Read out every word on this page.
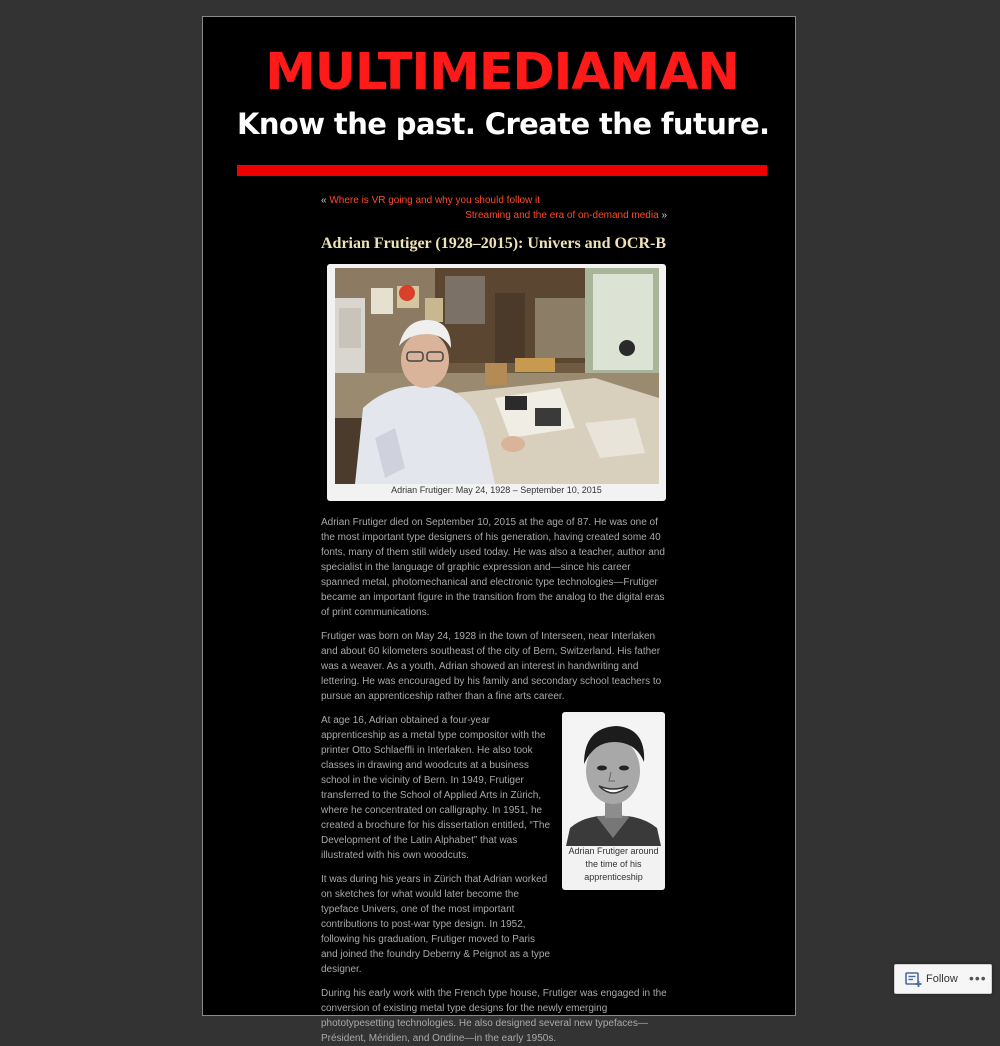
MULTIMEDIAMAN
Know the past. Create the future.
« Where is VR going and why you should follow it
Streaming and the era of on-demand media »
Adrian Frutiger (1928–2015): Univers and OCR-B
Adrian Frutiger: May 24, 1928 – September 10, 2015

Adrian Frutiger died on September 10, 2015 at the age of 87. He was one of the most important type designers of his generation, having created some 40 fonts, many of them still widely used today. He was also a teacher, author and specialist in the language of graphic expression and—since his career spanned metal, photomechanical and electronic type technologies—Frutiger became an important figure in the transition from the analog to the digital eras of print communications.

Frutiger was born on May 24, 1928 in the town of Interseen, near Interlaken and about 60 kilometers southeast of the city of Bern, Switzerland. His father was a weaver. As a youth, Adrian showed an interest in handwriting and lettering. He was encouraged by his family and secondary school teachers to pursue an apprenticeship rather than a fine arts career.

At age 16, Adrian obtained a four-year apprenticeship as a metal type compositor with the printer Otto Schlaeffli in Interlaken. He also took classes in drawing and woodcuts at a business school in the vicinity of Bern. In 1949, Frutiger transferred to the School of Applied Arts in Zürich, where he concentrated on calligraphy. In 1951, he created a brochure for his dissertation entitled, “The Development of the Latin Alphabet” that was illustrated with his own woodcuts.

It was during his years in Zürich that Adrian worked on sketches for what would later become the typeface Univers, one of the most important contributions to post-war type design. In 1952, following his graduation, Frutiger moved to Paris and joined the foundry Deberny & Peignot as a type designer.

During his early work with the French type house, Frutiger was engaged in the conversion of existing metal type designs for the newly emerging phototypesetting technologies. He also designed several new typefaces— Président, Méridien, and Ondine—in the early 1950s.

Adrian Frutiger around the time of his apprenticeship
Follow •••
